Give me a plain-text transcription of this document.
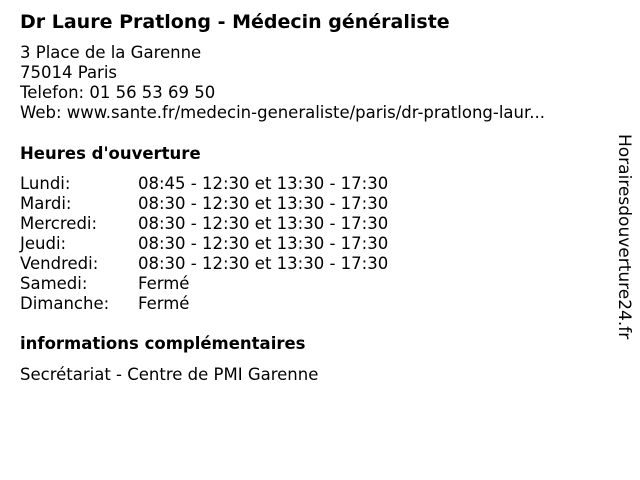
Dr Laure Pratlong - Médecin généraliste
3 Place de la Garenne
75014 Paris
Telefon: 01 56 53 69 50
Web: www.sante.fr/medecin-generaliste/paris/dr-pratlong-laur...
Heures d'ouverture
Lundi:	08:45 - 12:30 et 13:30 - 17:30
Mardi:	08:30 - 12:30 et 13:30 - 17:30
Mercredi: 08:30 - 12:30 et 13:30 - 17:30
Jeudi:	08:30 - 12:30 et 13:30 - 17:30
Vendredi: 08:30 - 12:30 et 13:30 - 17:30
Samedi:	Fermé
Dimanche: Fermé
informations complémentaires
Secrétariat - Centre de PMI Garenne
Horairesdouverture24.fr
